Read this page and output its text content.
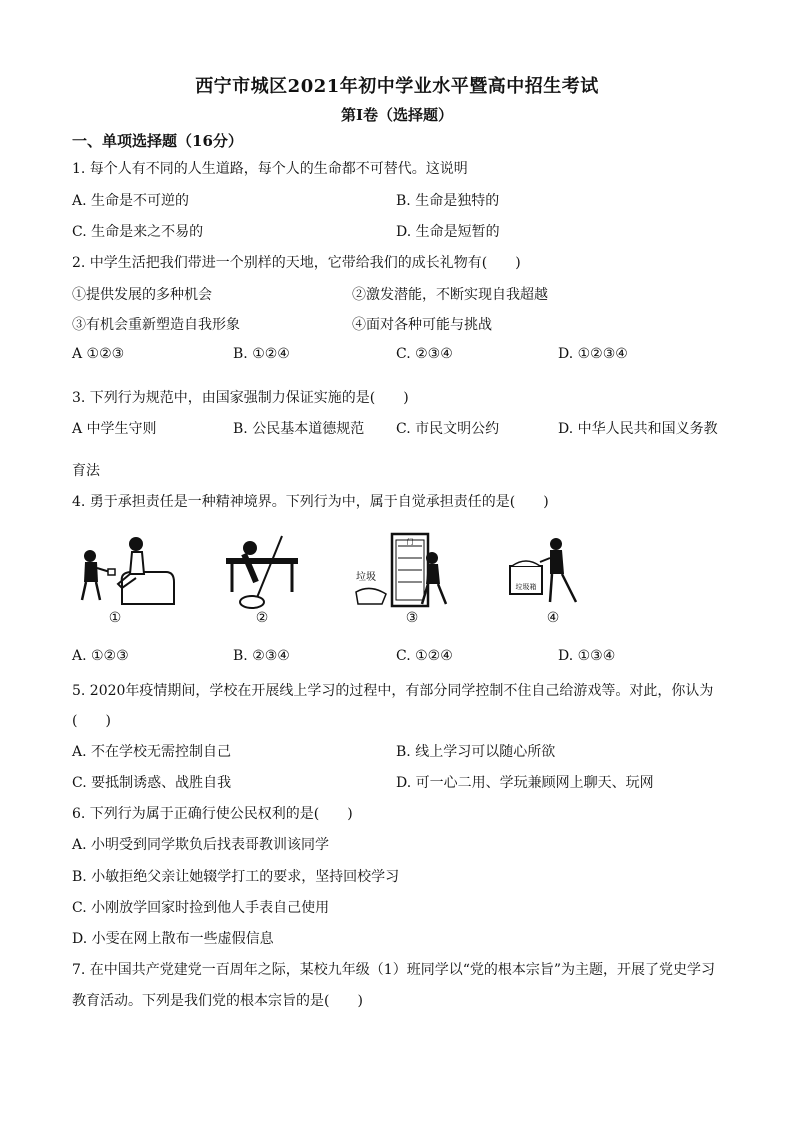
西宁市城区2021年初中学业水平暨高中招生考试
第Ⅰ卷（选择题）
一、单项选择题（16分）
1. 每个人有不同的人生道路，每个人的生命都不可替代。这说明
A. 生命是不可逆的	B. 生命是独特的
C. 生命是来之不易的	D. 生命是短暂的
2. 中学生活把我们带进一个别样的天地，它带给我们的成长礼物有(　　)
①提供发展的多种机会	②激发潜能，不断实现自我超越
③有机会重新塑造自我形象	④面对各种可能与挑战
A ①②③	B. ①②④	C. ②③④	D. ①②③④
3. 下列行为规范中，由国家强制力保证实施的是(　　)
A 中学生守则	B. 公民基本道德规范 C. 市民文明公约	D. 中华人民共和国义务教
育法
4. 勇于承担责任是一种精神境界。下列行为中，属于自觉承担责任的是(　　)
①	②
门
垃圾
③
垃圾箱
④
A. ①②③	B. ②③④	C. ①②④	D. ①③④
5. 2020年疫情期间，学校在开展线上学习的过程中，有部分同学控制不住自己给游戏等。对此，你认为
(　　)
A. 不在学校无需控制自己	B. 线上学习可以随心所欲
C. 要抵制诱惑、战胜自我	D. 可一心二用、学玩兼顾网上聊天、玩网
6. 下列行为属于正确行使公民权利的是(　　)
A. 小明受到同学欺负后找表哥教训该同学
B. 小敏拒绝父亲让她辍学打工的要求，坚持回校学习
C. 小刚放学回家时捡到他人手表自己使用
D. 小雯在网上散布一些虚假信息
7. 在中国共产党建党一百周年之际，某校九年级（1）班同学以“党的根本宗旨”为主题，开展了党史学习
教育活动。下列是我们党的根本宗旨的是(　　)
